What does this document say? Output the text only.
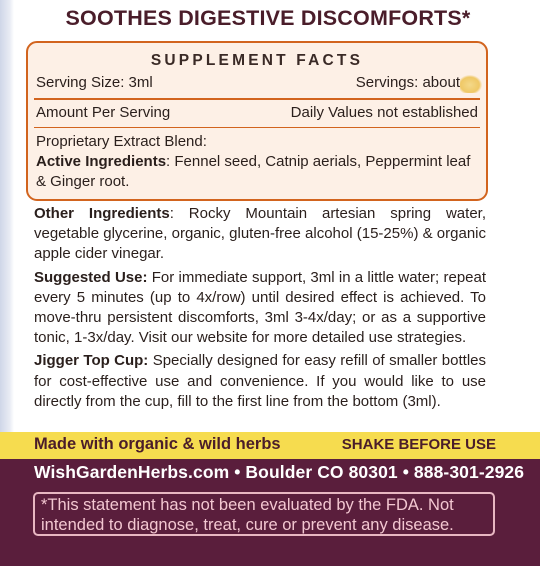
SOOTHES DIGESTIVE DISCOMFORTS*
SUPPLEMENT FACTS
Serving Size: 3ml	Servings: about
Amount Per Serving	Daily Values not established
Proprietary Extract Blend:
Active Ingredients: Fennel seed, Catnip aerials, Peppermint leaf
& Ginger root.

Other Ingredients: Rocky Mountain artesian spring water, vegetable glycerine, organic, gluten-free alcohol (15-25%) & organic apple cider vinegar.

Suggested Use: For immediate support, 3ml in a little water; repeat every 5 minutes (up to 4x/row) until desired effect is achieved. To move-thru persistent discomforts, 3ml 3-4x/day; or as a supportive tonic, 1-3x/day. Visit our website for more detailed use strategies.

Jigger Top Cup: Specially designed for easy refill of smaller bottles for cost-effective use and convenience. If you would like to use directly from the cup, fill to the first line from the bottom (3ml).

Made with organic & wild herbs	SHAKE BEFORE USE
WishGardenHerbs.com • Boulder CO 80301 • 888-301-2926
*This statement has not been evaluated by the FDA. Not intended to diagnose, treat, cure or prevent any disease.
